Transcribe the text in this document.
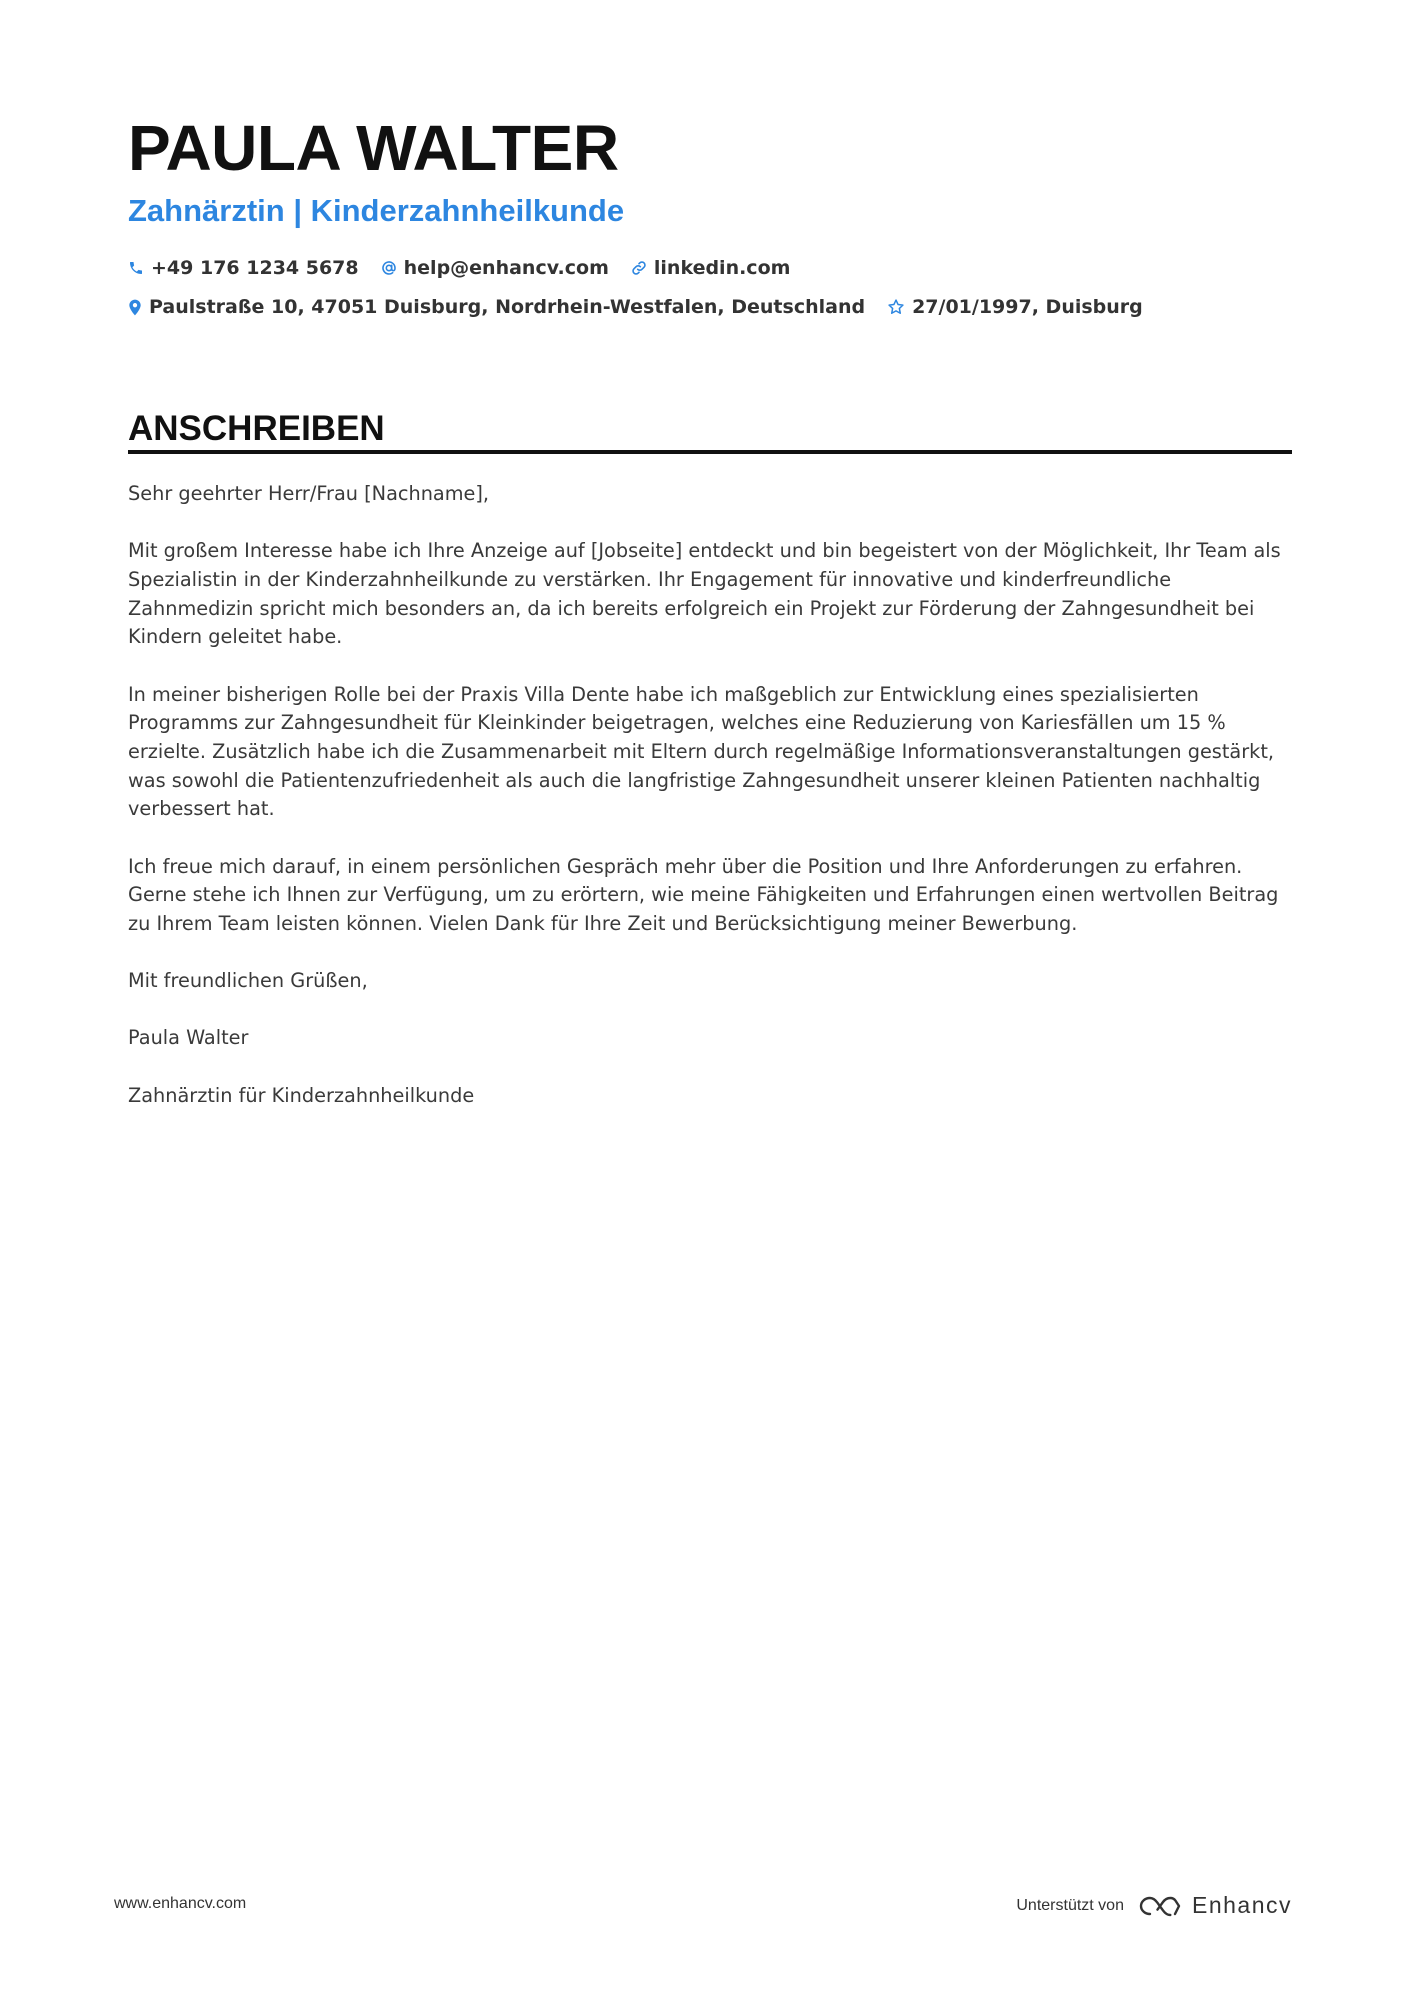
PAULA WALTER
Zahnärztin | Kinderzahnheilkunde
+49 176 1234 5678 help@enhancv.com linkedin.com
Paulstraße 10, 47051 Duisburg, Nordrhein-Westfalen, Deutschland 27/01/1997, Duisburg
ANSCHREIBEN

Sehr geehrter Herr/Frau [Nachname],

Mit großem Interesse habe ich Ihre Anzeige auf [Jobseite] entdeckt und bin begeistert von der Möglichkeit, Ihr Team als Spezialistin in der Kinderzahnheilkunde zu verstärken. Ihr Engagement für innovative und kinderfreundliche Zahnmedizin spricht mich besonders an, da ich bereits erfolgreich ein Projekt zur Förderung der Zahngesundheit bei Kindern geleitet habe.

In meiner bisherigen Rolle bei der Praxis Villa Dente habe ich maßgeblich zur Entwicklung eines spezialisierten Programms zur Zahngesundheit für Kleinkinder beigetragen, welches eine Reduzierung von Kariesfällen um 15 % erzielte. Zusätzlich habe ich die Zusammenarbeit mit Eltern durch regelmäßige Informationsveranstaltungen gestärkt, was sowohl die Patientenzufriedenheit als auch die langfristige Zahngesundheit unserer kleinen Patienten nachhaltig verbessert hat.

Ich freue mich darauf, in einem persönlichen Gespräch mehr über die Position und Ihre Anforderungen zu erfahren. Gerne stehe ich Ihnen zur Verfügung, um zu erörtern, wie meine Fähigkeiten und Erfahrungen einen wertvollen Beitrag zu Ihrem Team leisten können. Vielen Dank für Ihre Zeit und Berücksichtigung meiner Bewerbung.

Mit freundlichen Grüßen,

Paula Walter

Zahnärztin für Kinderzahnheilkunde

www.enhancv.com	Unterstützt von	Enhancv
